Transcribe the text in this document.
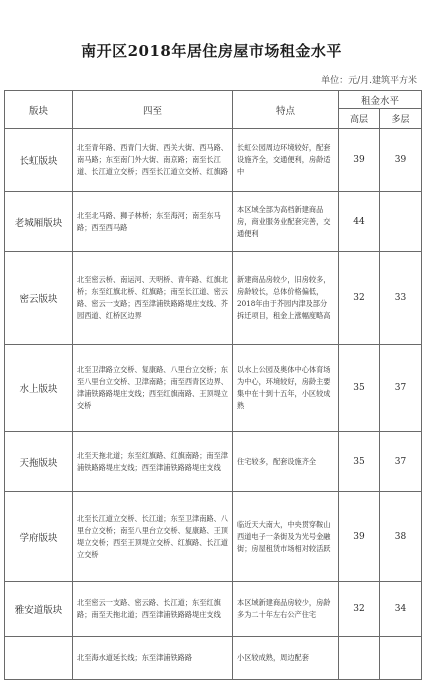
南开区2018年居住房屋市场租金水平
单位：元/月.建筑平方米
版块	四至	特点	租金水平	
			高层	多层
长虹版块	北至青年路、西青门大街、西关大街、西马路、南马路；东至南门外大街、南京路；南至长江道、长江道立交桥；西至长江道立交桥、红旗路	长虹公园周边环境较好，配套设施齐全，交通便利，房龄适中	39	39
老城厢版块	北至北马路、狮子林桥；东至海河；南至东马路；西至西马路	本区域全部为高档新建商品房，商业服务业配套完善，交通便利	44	
密云版块	北至密云桥、南运河、天明桥、青年路、红旗北桥；东至红旗北桥、红旗路；南至长江道、密云路、密云一支路；西至津浦铁路路堤庄支线、芥园西道、红桥区边界	新建商品房较少，旧房较多，房龄较长，总体价格偏低，2018年由于芥园内津及部分拆迁项目，租金上涨幅度略高	32	33
水上版块	北至卫津路立交桥、复康路、八里台立交桥；东至八里台立交桥、卫津南路；南至西青区边界、津浦铁路路堤庄支线；西至红旗南路、王顶堤立交桥	以水上公园及奥体中心体育场为中心，环境较好，房龄主要集中在十到十五年，小区较成熟	35	37
天拖版块	北至天拖北道；东至红旗路、红旗南路；南至津浦铁路路堤庄支线；西至津浦铁路路堤庄支线	住宅较多，配套设施齐全	35	37
学府版块	北至长江道立交桥、长江道；东至卫津南路、八里台立交桥；南至八里台立交桥、复康路、王顶堤立交桥；西至王顶堤立交桥、红旗路、长江道立交桥	临近天大南大，中央贯穿鞍山西道电子一条街及为光号金融街；房屋租赁市场相对较活跃	39	38
雅安道版块	北至密云一支路、密云路、长江道；东至红旗路；南至天拖北道；西至津浦铁路路堤庄支线	本区域新建商品房较少，房龄多为二十年左右公产住宅	32	34
	北至海水道延长线；东至津浦铁路路	小区较成熟，周边配套		
